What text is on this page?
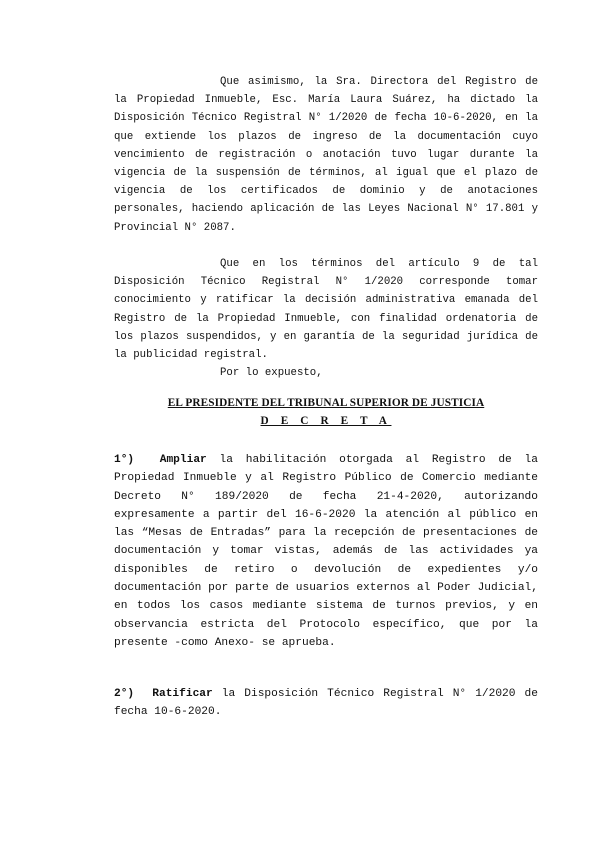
Que asimismo, la Sra. Directora del Registro de la Propiedad Inmueble, Esc. María Laura Suárez, ha dictado la Disposición Técnico Registral N° 1/2020 de fecha 10-6-2020, en la que extiende los plazos de ingreso de la documentación cuyo vencimiento de registración o anotación tuvo lugar durante la vigencia de la suspensión de términos, al igual que el plazo de vigencia de los certificados de dominio y de anotaciones personales, haciendo aplicación de las Leyes Nacional N° 17.801 y Provincial N° 2087.

Que en los términos del artículo 9 de tal Disposición Técnico Registral N° 1/2020 corresponde tomar conocimiento y ratificar la decisión administrativa emanada del Registro de la Propiedad Inmueble, con finalidad ordenatoria de los plazos suspendidos, y en garantía de la seguridad jurídica de la publicidad registral.

Por lo expuesto,

EL PRESIDENTE DEL TRIBUNAL SUPERIOR DE JUSTICIA

D E C R E T A

1°) Ampliar la habilitación otorgada al Registro de la Propiedad Inmueble y al Registro Público de Comercio mediante Decreto N° 189/2020 de fecha 21-4-2020, autorizando expresamente a partir del 16-6-2020 la atención al público en las “Mesas de Entradas” para la recepción de presentaciones de documentación y tomar vistas, además de las actividades ya disponibles de retiro o devolución de expedientes y/o documentación por parte de usuarios externos al Poder Judicial, en todos los casos mediante sistema de turnos previos, y en observancia estricta del Protocolo específico, que por la presente -como Anexo- se aprueba.

2°) Ratificar la Disposición Técnico Registral N° 1/2020 de fecha 10-6-2020.
